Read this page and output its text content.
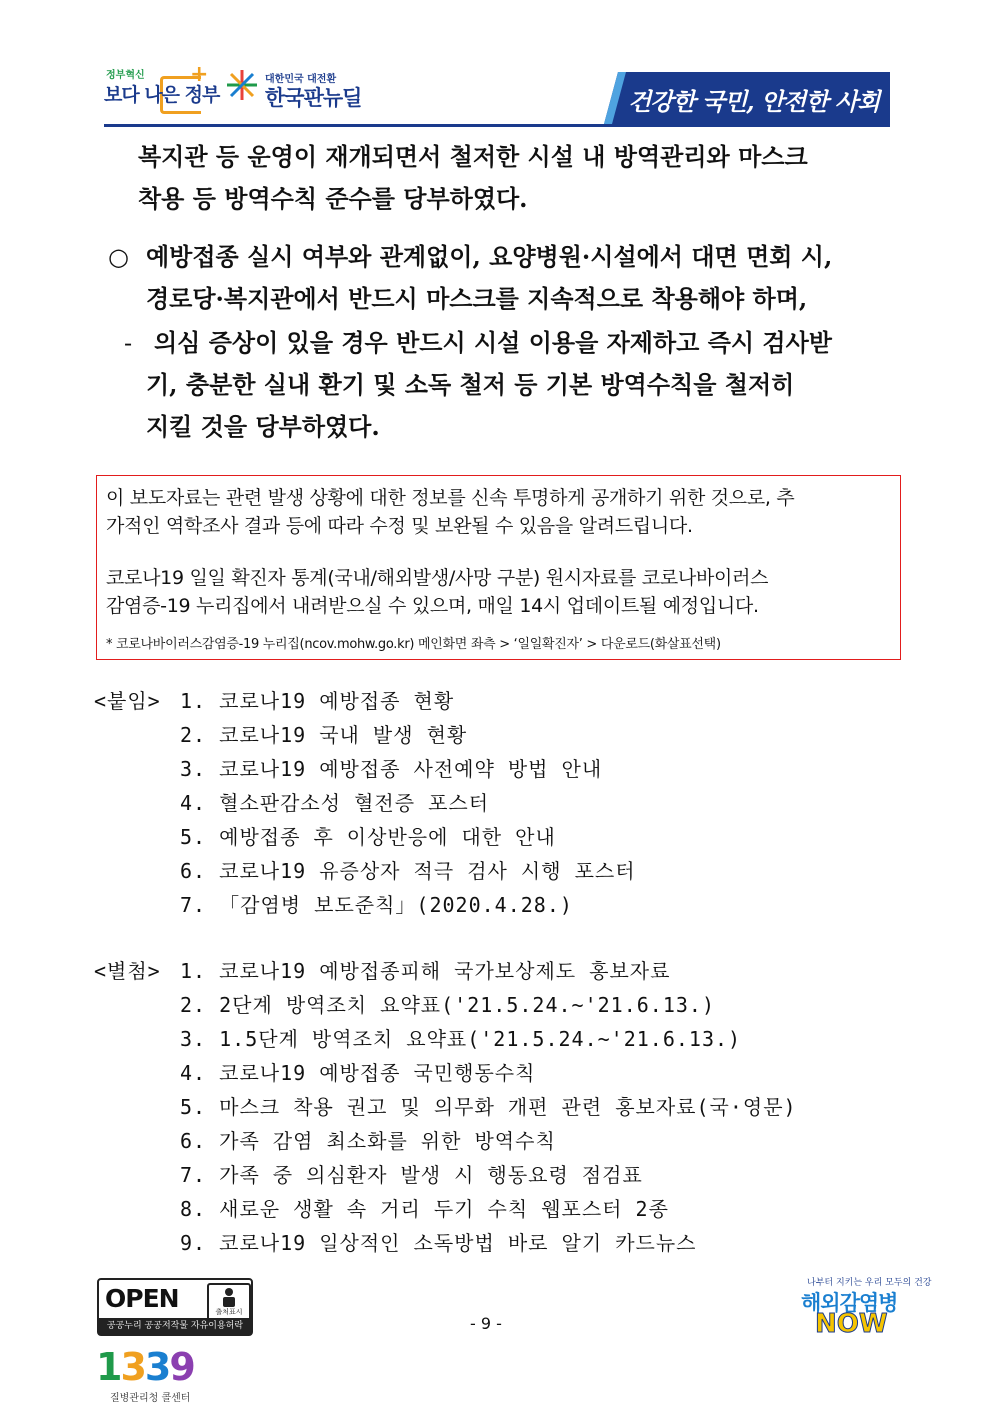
정부혁신 +
보다 나은 정부
대한민국 대전환
한국판뉴딜	건강한 국민, 안전한 사회
복지관 등 운영이 재개되면서 철저한 시설 내 방역관리와 마스크
착용 등 방역수칙 준수를 당부하였다.
○ 예방접종 실시 여부와 관계없이, 요양병원·시설에서 대면 면회 시,
경로당·복지관에서 반드시 마스크를 지속적으로 착용해야 하며,
- 의심 증상이 있을 경우 반드시 시설 이용을 자제하고 즉시 검사받
기, 충분한 실내 환기 및 소독 철저 등 기본 방역수칙을 철저히
지킬 것을 당부하였다.
이 보도자료는 관련 발생 상황에 대한 정보를 신속 투명하게 공개하기 위한 것으로, 추
가적인 역학조사 결과 등에 따라 수정 및 보완될 수 있음을 알려드립니다.
코로나19 일일 확진자 통계(국내/해외발생/사망 구분) 원시자료를 코로나바이러스
감염증-19 누리집에서 내려받으실 수 있으며, 매일 14시 업데이트될 예정입니다.
* 코로나바이러스감염증-19 누리집(ncov.mohw.go.kr) 메인화면 좌측 > ‘일일확진자’ > 다운로드(화살표선택)
<붙임> 1. 코로나19 예방접종 현황
2. 코로나19 국내 발생 현황
3. 코로나19 예방접종 사전예약 방법 안내
4. 혈소판감소성 혈전증 포스터
5. 예방접종 후 이상반응에 대한 안내
6. 코로나19 유증상자 적극 검사 시행 포스터
7. 「감염병 보도준칙」(2020.4.28.)
<별첨> 1. 코로나19 예방접종피해 국가보상제도 홍보자료
2. 2단계 방역조치 요약표('21.5.24.~'21.6.13.)
3. 1.5단계 방역조치 요약표('21.5.24.~'21.6.13.)
4. 코로나19 예방접종 국민행동수칙
5. 마스크 착용 권고 및 의무화 개편 관련 홍보자료(국·영문)
6. 가족 감염 최소화를 위한 방역수칙
7. 가족 중 의심환자 발생 시 행동요령 점검표
8. 새로운 생활 속 거리 두기 수칙 웹포스터 2종
9. 코로나19 일상적인 소독방법 바로 알기 카드뉴스
OPEN	출처표시
공공누리 공공저작물 자유이용허락	- 9 -
나부터 지키는 우리 모두의 건강
해외감염병
NOW
1339
질병관리청 콜센터
